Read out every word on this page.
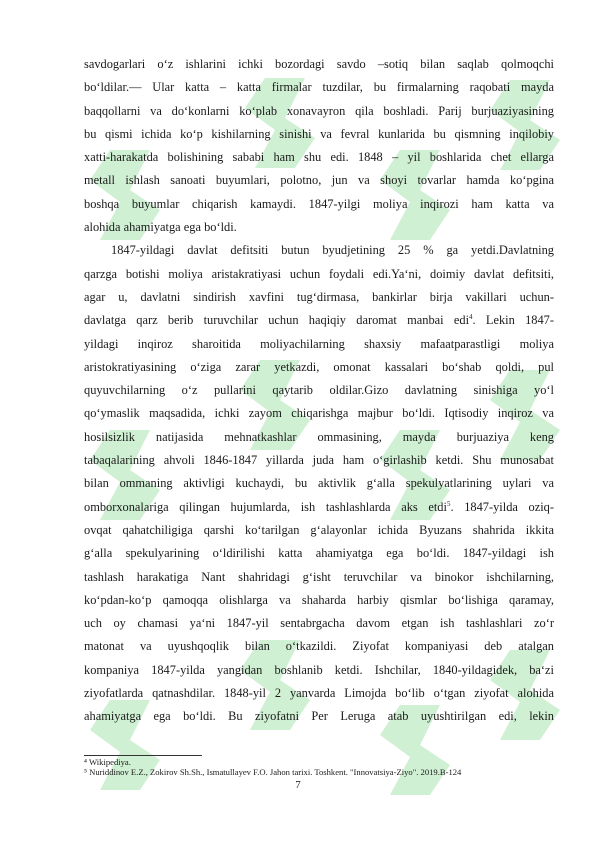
savdogarlari o‘z ishlarini ichki bozordagi savdo –sotiq bilan saqlab qolmoqchi
bo‘ldilar.— Ular katta – katta firmalar tuzdilar, bu firmalarning raqobati mayda
baqqollarni va do‘konlarni ko‘plab xonavayron qila boshladi. Parij burjuaziyasining
bu qismi ichida ko‘p kishilarning sinishi va fevral kunlarida bu qismning inqilobiy
xatti-harakatda bolishining sababi ham shu edi. 1848 – yil boshlarida chet ellarga
metall ishlash sanoati buyumlari, polotno, jun va shoyi tovarlar hamda ko‘pgina
boshqa buyumlar chiqarish kamaydi. 1847-yilgi moliya inqirozi ham katta va
alohida ahamiyatga ega bo‘ldi.
1847-yildagi davlat defitsiti butun byudjetining 25 % ga yetdi.Davlatning
qarzga botishi moliya aristakratiyasi uchun foydali edi.Ya‘ni, doimiy davlat defitsiti,
agar u, davlatni sindirish xavfini tug‘dirmasa, bankirlar birja vakillari uchun-
davlatga qarz berib turuvchilar uchun haqiqiy daromat manbai edi$^4$. Lekin 1847-
yildagi inqiroz sharoitida moliyachilarning shaxsiy mafaatparastligi moliya
aristokratiyasining o‘ziga zarar yetkazdi, omonat kassalari bo‘shab qoldi, pul
quyuvchilarning o‘z pullarini qaytarib oldilar.Gizo davlatning sinishiga yo‘l
qo‘ymaslik maqsadida, ichki zayom chiqarishga majbur bo‘ldi. Iqtisodiy inqiroz va
hosilsizlik natijasida mehnatkashlar ommasining, mayda burjuaziya keng
tabaqalarining ahvoli 1846-1847 yillarda juda ham o‘girlashib ketdi. Shu munosabat
bilan ommaning aktivligi kuchaydi, bu aktivlik g‘alla spekulyatlarining uylari va
omborxonalariga qilingan hujumlarda, ish tashlashlarda aks etdi$^5$. 1847-yilda oziq-
ovqat qahatchiligiga qarshi ko‘tarilgan g‘alayonlar ichida Byuzans shahrida ikkita
g‘alla spekulyarining o‘ldirilishi katta ahamiyatga ega bo‘ldi. 1847-yildagi ish
tashlash harakatiga Nant shahridagi g‘isht teruvchilar va binokor ishchilarning,
ko‘pdan-ko‘p qamoqqa olishlarga va shaharda harbiy qismlar bo‘lishiga qaramay,
uch oy chamasi ya‘ni 1847-yil sentabrgacha davom etgan ish tashlashlari zo‘r
matonat va uyushqoqlik bilan o‘tkazildi. Ziyofat kompaniyasi deb atalgan
kompaniya 1847-yilda yangidan boshlanib ketdi. Ishchilar, 1840-yildagidek, ba‘zi
ziyofatlarda qatnashdilar. 1848-yil 2 yanvarda Limojda bo‘lib o‘tgan ziyofat alohida
ahamiyatga ega bo‘ldi. Bu ziyofatni Per Leruga atab uyushtirilgan edi, lekin
⁴ Wikipediya.
⁵ Nuriddinov E.Z., Zokirov Sh.Sh., Ismatullayev F.O. Jahon tarixi. Toshkent. "Innovatsiya-Ziyo". 2019.B-124
7
